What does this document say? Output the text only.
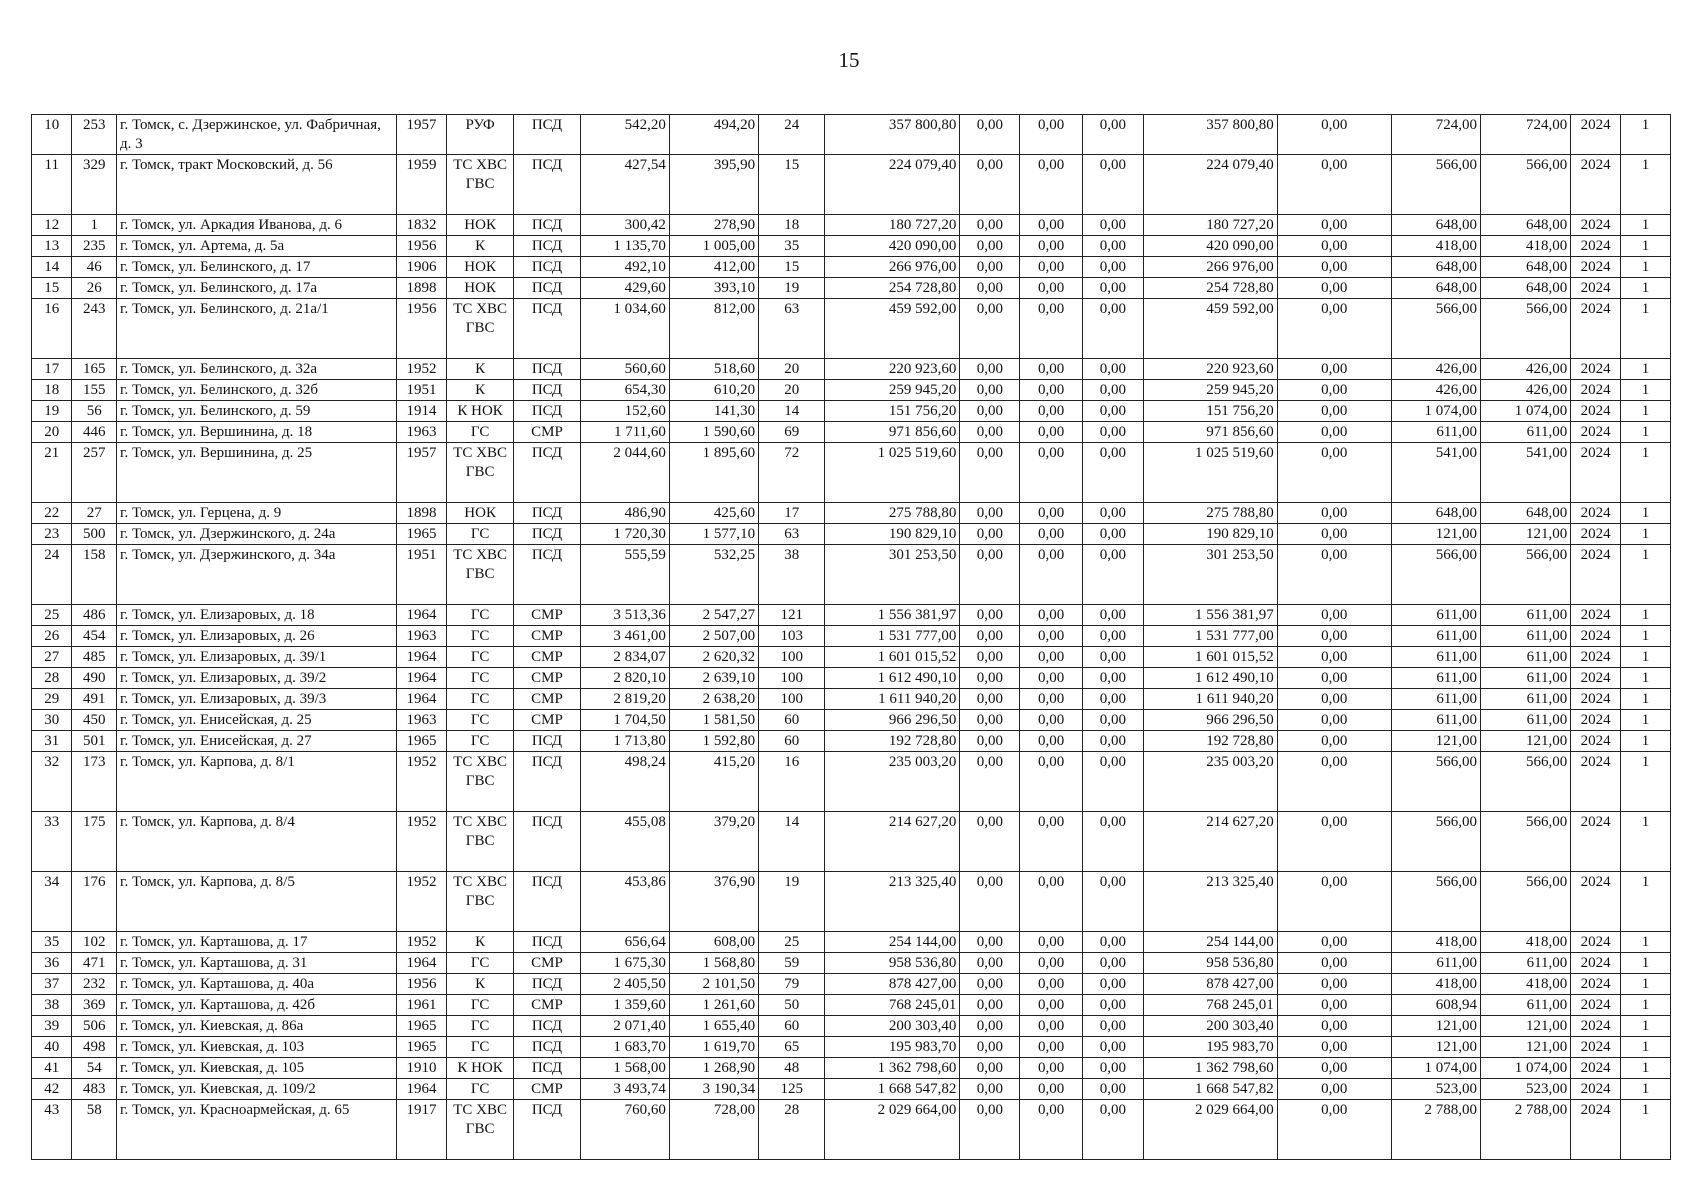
15
10	253	г. Томск, с. Дзержинское, ул. Фабричная, д. 3	1957	РУФ	ПСД	542,20	494,20	24	357 800,80	0,00	0,00	0,00	357 800,80	0,00	724,00	724,00	2024	1
11	329	г. Томск, тракт Московский, д. 56	1959	ТС ХВС ГВС	ПСД	427,54	395,90	15	224 079,40	0,00	0,00	0,00	224 079,40	0,00	566,00	566,00	2024	1
12	1	г. Томск, ул. Аркадия Иванова, д. 6	1832	НОК	ПСД	300,42	278,90	18	180 727,20	0,00	0,00	0,00	180 727,20	0,00	648,00	648,00	2024	1
13	235	г. Томск, ул. Артема, д. 5а	1956	К	ПСД	1 135,70	1 005,00	35	420 090,00	0,00	0,00	0,00	420 090,00	0,00	418,00	418,00	2024	1
14	46	г. Томск, ул. Белинского, д. 17	1906	НОК	ПСД	492,10	412,00	15	266 976,00	0,00	0,00	0,00	266 976,00	0,00	648,00	648,00	2024	1
15	26	г. Томск, ул. Белинского, д. 17а	1898	НОК	ПСД	429,60	393,10	19	254 728,80	0,00	0,00	0,00	254 728,80	0,00	648,00	648,00	2024	1
16	243	г. Томск, ул. Белинского, д. 21а/1	1956	ТС ХВС ГВС	ПСД	1 034,60	812,00	63	459 592,00	0,00	0,00	0,00	459 592,00	0,00	566,00	566,00	2024	1
17	165	г. Томск, ул. Белинского, д. 32а	1952	К	ПСД	560,60	518,60	20	220 923,60	0,00	0,00	0,00	220 923,60	0,00	426,00	426,00	2024	1
18	155	г. Томск, ул. Белинского, д. 32б	1951	К	ПСД	654,30	610,20	20	259 945,20	0,00	0,00	0,00	259 945,20	0,00	426,00	426,00	2024	1
19	56	г. Томск, ул. Белинского, д. 59	1914	К НОК	ПСД	152,60	141,30	14	151 756,20	0,00	0,00	0,00	151 756,20	0,00	1 074,00	1 074,00	2024	1
20	446	г. Томск, ул. Вершинина, д. 18	1963	ГС	СМР	1 711,60	1 590,60	69	971 856,60	0,00	0,00	0,00	971 856,60	0,00	611,00	611,00	2024	1
21	257	г. Томск, ул. Вершинина, д. 25	1957	ТС ХВС ГВС	ПСД	2 044,60	1 895,60	72	1 025 519,60	0,00	0,00	0,00	1 025 519,60	0,00	541,00	541,00	2024	1
22	27	г. Томск, ул. Герцена, д. 9	1898	НОК	ПСД	486,90	425,60	17	275 788,80	0,00	0,00	0,00	275 788,80	0,00	648,00	648,00	2024	1
23	500	г. Томск, ул. Дзержинского, д. 24а	1965	ГС	ПСД	1 720,30	1 577,10	63	190 829,10	0,00	0,00	0,00	190 829,10	0,00	121,00	121,00	2024	1
24	158	г. Томск, ул. Дзержинского, д. 34а	1951	ТС ХВС ГВС	ПСД	555,59	532,25	38	301 253,50	0,00	0,00	0,00	301 253,50	0,00	566,00	566,00	2024	1
25	486	г. Томск, ул. Елизаровых, д. 18	1964	ГС	СМР	3 513,36	2 547,27	121	1 556 381,97	0,00	0,00	0,00	1 556 381,97	0,00	611,00	611,00	2024	1
26	454	г. Томск, ул. Елизаровых, д. 26	1963	ГС	СМР	3 461,00	2 507,00	103	1 531 777,00	0,00	0,00	0,00	1 531 777,00	0,00	611,00	611,00	2024	1
27	485	г. Томск, ул. Елизаровых, д. 39/1	1964	ГС	СМР	2 834,07	2 620,32	100	1 601 015,52	0,00	0,00	0,00	1 601 015,52	0,00	611,00	611,00	2024	1
28	490	г. Томск, ул. Елизаровых, д. 39/2	1964	ГС	СМР	2 820,10	2 639,10	100	1 612 490,10	0,00	0,00	0,00	1 612 490,10	0,00	611,00	611,00	2024	1
29	491	г. Томск, ул. Елизаровых, д. 39/3	1964	ГС	СМР	2 819,20	2 638,20	100	1 611 940,20	0,00	0,00	0,00	1 611 940,20	0,00	611,00	611,00	2024	1
30	450	г. Томск, ул. Енисейская, д. 25	1963	ГС	СМР	1 704,50	1 581,50	60	966 296,50	0,00	0,00	0,00	966 296,50	0,00	611,00	611,00	2024	1
31	501	г. Томск, ул. Енисейская, д. 27	1965	ГС	ПСД	1 713,80	1 592,80	60	192 728,80	0,00	0,00	0,00	192 728,80	0,00	121,00	121,00	2024	1
32	173	г. Томск, ул. Карпова, д. 8/1	1952	ТС ХВС ГВС	ПСД	498,24	415,20	16	235 003,20	0,00	0,00	0,00	235 003,20	0,00	566,00	566,00	2024	1
33	175	г. Томск, ул. Карпова, д. 8/4	1952	ТС ХВС ГВС	ПСД	455,08	379,20	14	214 627,20	0,00	0,00	0,00	214 627,20	0,00	566,00	566,00	2024	1
34	176	г. Томск, ул. Карпова, д. 8/5	1952	ТС ХВС ГВС	ПСД	453,86	376,90	19	213 325,40	0,00	0,00	0,00	213 325,40	0,00	566,00	566,00	2024	1
35	102	г. Томск, ул. Карташова, д. 17	1952	К	ПСД	656,64	608,00	25	254 144,00	0,00	0,00	0,00	254 144,00	0,00	418,00	418,00	2024	1
36	471	г. Томск, ул. Карташова, д. 31	1964	ГС	СМР	1 675,30	1 568,80	59	958 536,80	0,00	0,00	0,00	958 536,80	0,00	611,00	611,00	2024	1
37	232	г. Томск, ул. Карташова, д. 40а	1956	К	ПСД	2 405,50	2 101,50	79	878 427,00	0,00	0,00	0,00	878 427,00	0,00	418,00	418,00	2024	1
38	369	г. Томск, ул. Карташова, д. 42б	1961	ГС	СМР	1 359,60	1 261,60	50	768 245,01	0,00	0,00	0,00	768 245,01	0,00	608,94	611,00	2024	1
39	506	г. Томск, ул. Киевская, д. 86а	1965	ГС	ПСД	2 071,40	1 655,40	60	200 303,40	0,00	0,00	0,00	200 303,40	0,00	121,00	121,00	2024	1
40	498	г. Томск, ул. Киевская, д. 103	1965	ГС	ПСД	1 683,70	1 619,70	65	195 983,70	0,00	0,00	0,00	195 983,70	0,00	121,00	121,00	2024	1
41	54	г. Томск, ул. Киевская, д. 105	1910	К НОК	ПСД	1 568,00	1 268,90	48	1 362 798,60	0,00	0,00	0,00	1 362 798,60	0,00	1 074,00	1 074,00	2024	1
42	483	г. Томск, ул. Киевская, д. 109/2	1964	ГС	СМР	3 493,74	3 190,34	125	1 668 547,82	0,00	0,00	0,00	1 668 547,82	0,00	523,00	523,00	2024	1
43	58	г. Томск, ул. Красноармейская, д. 65	1917	ТС ХВС ГВС	ПСД	760,60	728,00	28	2 029 664,00	0,00	0,00	0,00	2 029 664,00	0,00	2 788,00	2 788,00	2024	1
